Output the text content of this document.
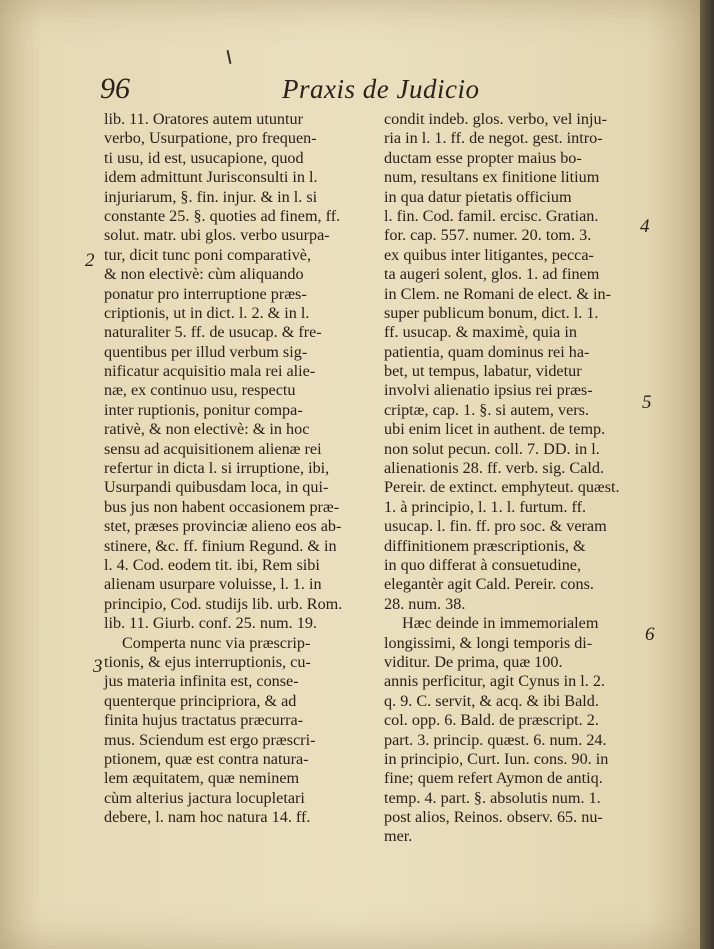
96	Praxis de Judicio
2
3
4
5
6
lib. 11. Oratores autem utuntur
verbo, Usurpatione, pro frequen-
ti usu, id est, usucapione, quod
idem admittunt Jurisconsulti in l.
injuriarum, §. fin. injur. & in l. si
constante 25. §. quoties ad finem, ff.
solut. matr. ubi glos. verbo usurpa-
tur, dicit tunc poni comparativè,
& non electivè: cùm aliquando
ponatur pro interruptione præs-
criptionis, ut in dict. l. 2. & in l.
naturaliter 5. ff. de usucap. & fre-
quentibus per illud verbum sig-
nificatur acquisitio mala rei alie-
næ, ex continuo usu, respectu
inter ruptionis, ponitur compa-
rativè, & non electivè: & in hoc
sensu ad acquisitionem alienæ rei
refertur in dicta l. si irruptione, ibi,
Usurpandi quibusdam loca, in qui-
bus jus non habent occasionem præ-
stet, præses provinciæ alieno eos ab-
stinere, &c. ff. finium Regund. & in
l. 4. Cod. eodem tit. ibi, Rem sibi
alienam usurpare voluisse, l. 1. in
principio, Cod. studijs lib. urb. Rom.
lib. 11. Giurb. conf. 25. num. 19.
Comperta nunc via præscrip-
tionis, & ejus interruptionis, cu-
jus materia infinita est, conse-
quenterque principriora, & ad
finita hujus tractatus præcurra-
mus. Sciendum est ergo præscri-
ptionem, quæ est contra natura-
lem æquitatem, quæ neminem
cùm alterius jactura locupletari
debere, l. nam hoc natura 14. ff.
condit indeb. glos. verbo, vel inju-
ria in l. 1. ff. de negot. gest. intro-
ductam esse propter maius bo-
num, resultans ex finitione litium
in qua datur pietatis officium
l. fin. Cod. famil. ercisc. Gratian.
for. cap. 557. numer. 20. tom. 3.
ex quibus inter litigantes, pecca-
ta augeri solent, glos. 1. ad finem
in Clem. ne Romani de elect. & in-
super publicum bonum, dict. l. 1.
ff. usucap. & maximè, quia in
patientia, quam dominus rei ha-
bet, ut tempus, labatur, videtur
involvi alienatio ipsius rei præs-
criptæ, cap. 1. §. si autem, vers.
ubi enim licet in authent. de temp.
non solut pecun. coll. 7. DD. in l.
alienationis 28. ff. verb. sig. Cald.
Pereir. de extinct. emphyteut. quæst.
1. à principio, l. 1. l. furtum. ff.
usucap. l. fin. ff. pro soc. & veram
diffinitionem præscriptionis, &
in quo differat à consuetudine,
elegantèr agit Cald. Pereir. cons.
28. num. 38.
Hæc deinde in immemorialem
longissimi, & longi temporis di-
viditur. De prima, quæ 100.
annis perficitur, agit Cynus in l. 2.
q. 9. C. servit, & acq. & ibi Bald.
col. opp. 6. Bald. de præscript. 2.
part. 3. princip. quæst. 6. num. 24.
in principio, Curt. Iun. cons. 90. in
fine; quem refert Aymon de antiq.
temp. 4. part. §. absolutis num. 1.
post alios, Reinos. observ. 65. nu-
mer.
